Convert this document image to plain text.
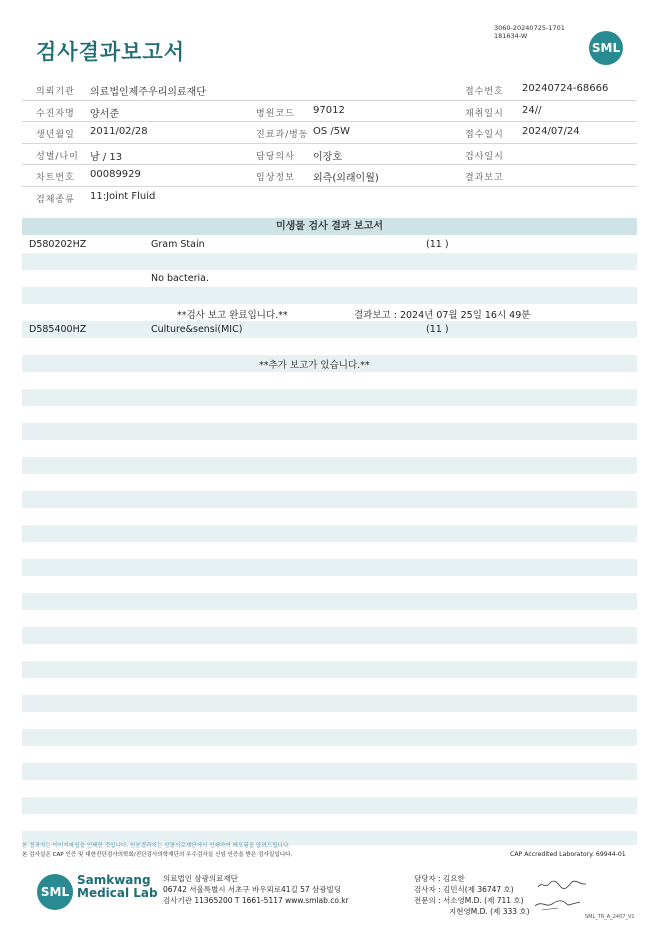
검사결과보고서
3060-20240725-1701
181634-W
SML
의뢰기관 의료법인제주우리의료재단	접수번호 20240724-68666
수진자명 양서준	병원코드 97012	채취일시 24//
생년월일 2011/02/28	진료과/병동 OS /5W	접수일시 2024/07/24
성별/나이 남 / 13	담당의사 이장호	검사일시
차트번호 00089929	임상정보 외측(외래이월)	결과보고
검체종류 11:Joint Fluid
미생물 검사 결과 보고서
D580202HZ	Gram Stain	(11 )
No bacteria.
**검사 보고 완료입니다.**	결과보고 : 2024년 07월 25일 16시 49분
D585400HZ	Culture&sensi(MIC)	(11 )
**추가 보고가 있습니다.**
본 결과지는 이미지파일을 인쇄한 것입니다. 원본결과지는 삼광의료재단에서 인쇄하여 배포됨을 알려드립니다.
본 검사실은 CAP 인증 및 대한진단검사의학회/진단검사의학재단의 우수검사실 신임 인증을 받은 검사실입니다.	CAP Accredited Laboratory. 69944-01
SML
Samkwang
Medical Lab
의료법인 삼광의료재단
06742 서울특별시 서초구 바우뫼로41길 57 삼광빌딩
검사기관 11365200 T 1661-5117 www.smlab.co.kr
담당자 : 김요한
검사자 : 김민식(제 36747 호)
전문의 : 서소영M.D. (제 711 호)
지현영M.D. (제 333 호)
SML_TR_A_2407_V1
